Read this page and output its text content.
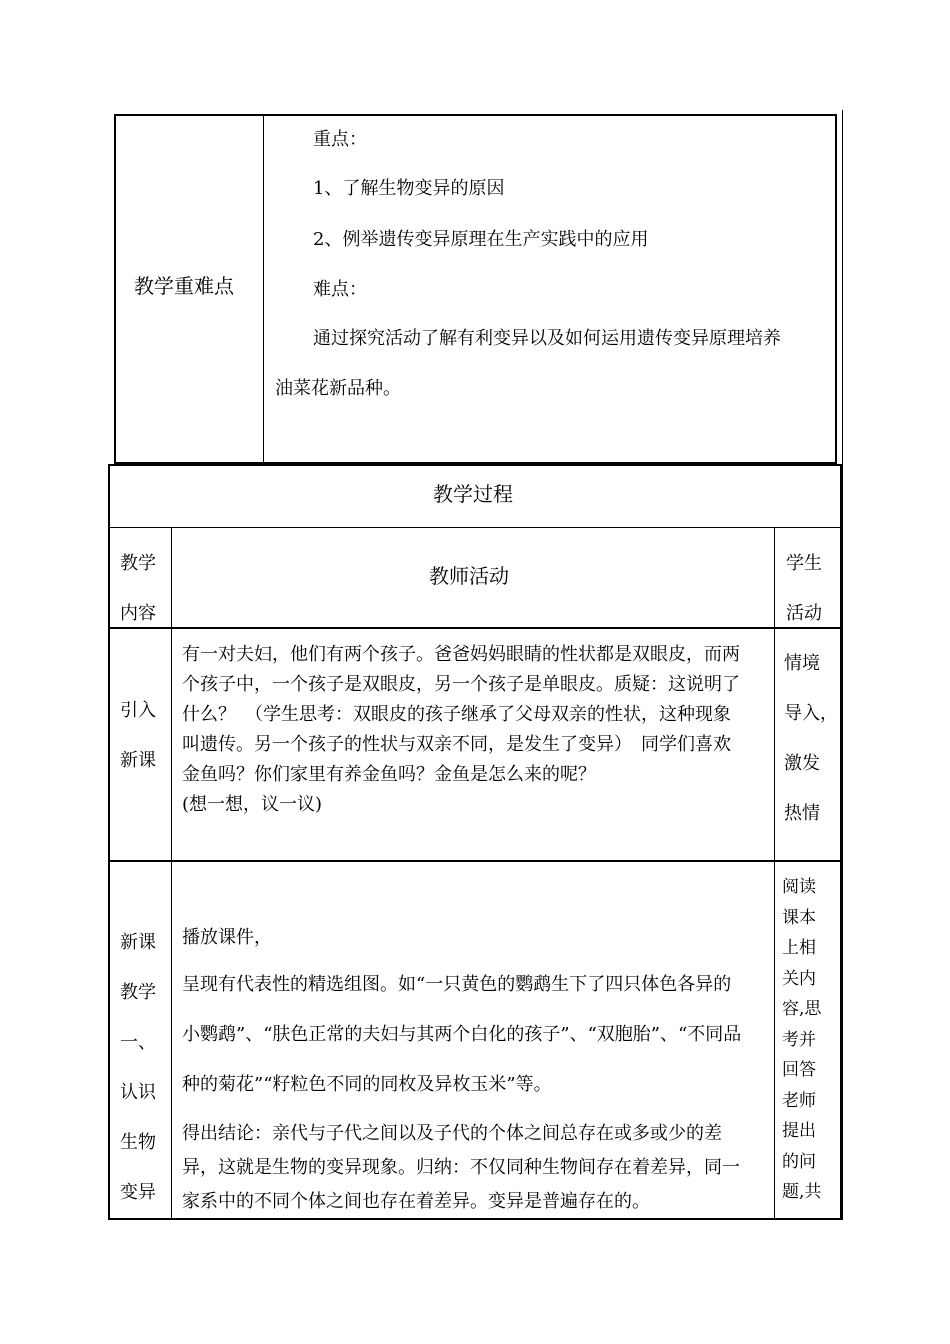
教学重难点
重点：
1、了解生物变异的原因
2、例举遗传变异原理在生产实践中的应用
难点：
通过探究活动了解有利变异以及如何运用遗传变异原理培养
油菜花新品种。
教学过程
教学
内容
教师活动
学生
活动
引入
新课
有一对夫妇，他们有两个孩子。爸爸妈妈眼睛的性状都是双眼皮，而两
个孩子中，一个孩子是双眼皮，另一个孩子是单眼皮。质疑：这说明了
什么？　（学生思考：双眼皮的孩子继承了父母双亲的性状，这种现象
叫遗传。另一个孩子的性状与双亲不同，是发生了变异）　同学们喜欢
金鱼吗？你们家里有养金鱼吗？金鱼是怎么来的呢？
(想一想，议一议)
情境
导入，
激发
热情
新课
教学
一、
认识
生物
变异
播放课件，
呈现有代表性的精选组图。如“一只黄色的鹦鹉生下了四只体色各异的
小鹦鹉”、“肤色正常的夫妇与其两个白化的孩子”、“双胞胎”、“不同品
种的菊花”“籽粒色不同的同枚及异枚玉米”等。
得出结论：亲代与子代之间以及子代的个体之间总存在或多或少的差
异，这就是生物的变异现象。归纳：不仅同种生物间存在着差异，同一
家系中的不同个体之间也存在着差异。变异是普遍存在的。
阅读
课本
上相
关内
容,思
考并
回答
老师
提出
的问
题,共
